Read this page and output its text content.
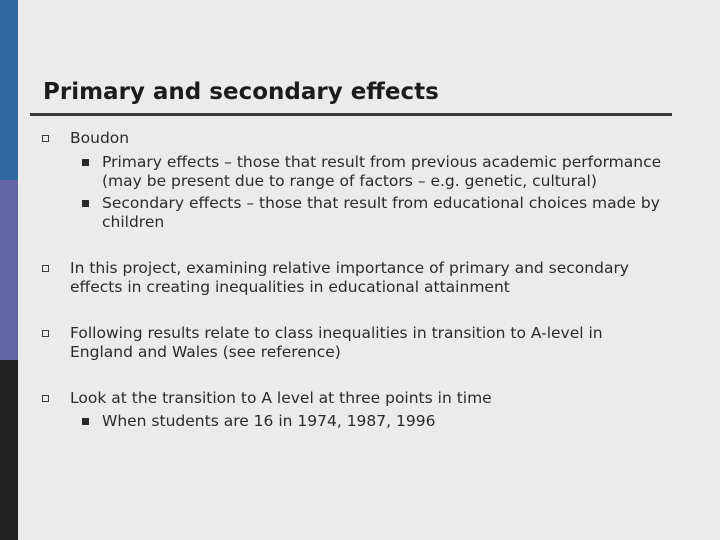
Primary and secondary effects
Boudon
Primary effects – those that result from previous academic performance (may be present due to range of factors – e.g. genetic, cultural)
Secondary effects – those that result from educational choices made by children
In this project, examining relative importance of primary and secondary effects in creating inequalities in educational attainment
Following results relate to class inequalities in transition to A-level in England and Wales (see reference)
Look at the transition to A level at three points in time
When students are 16 in 1974, 1987, 1996
